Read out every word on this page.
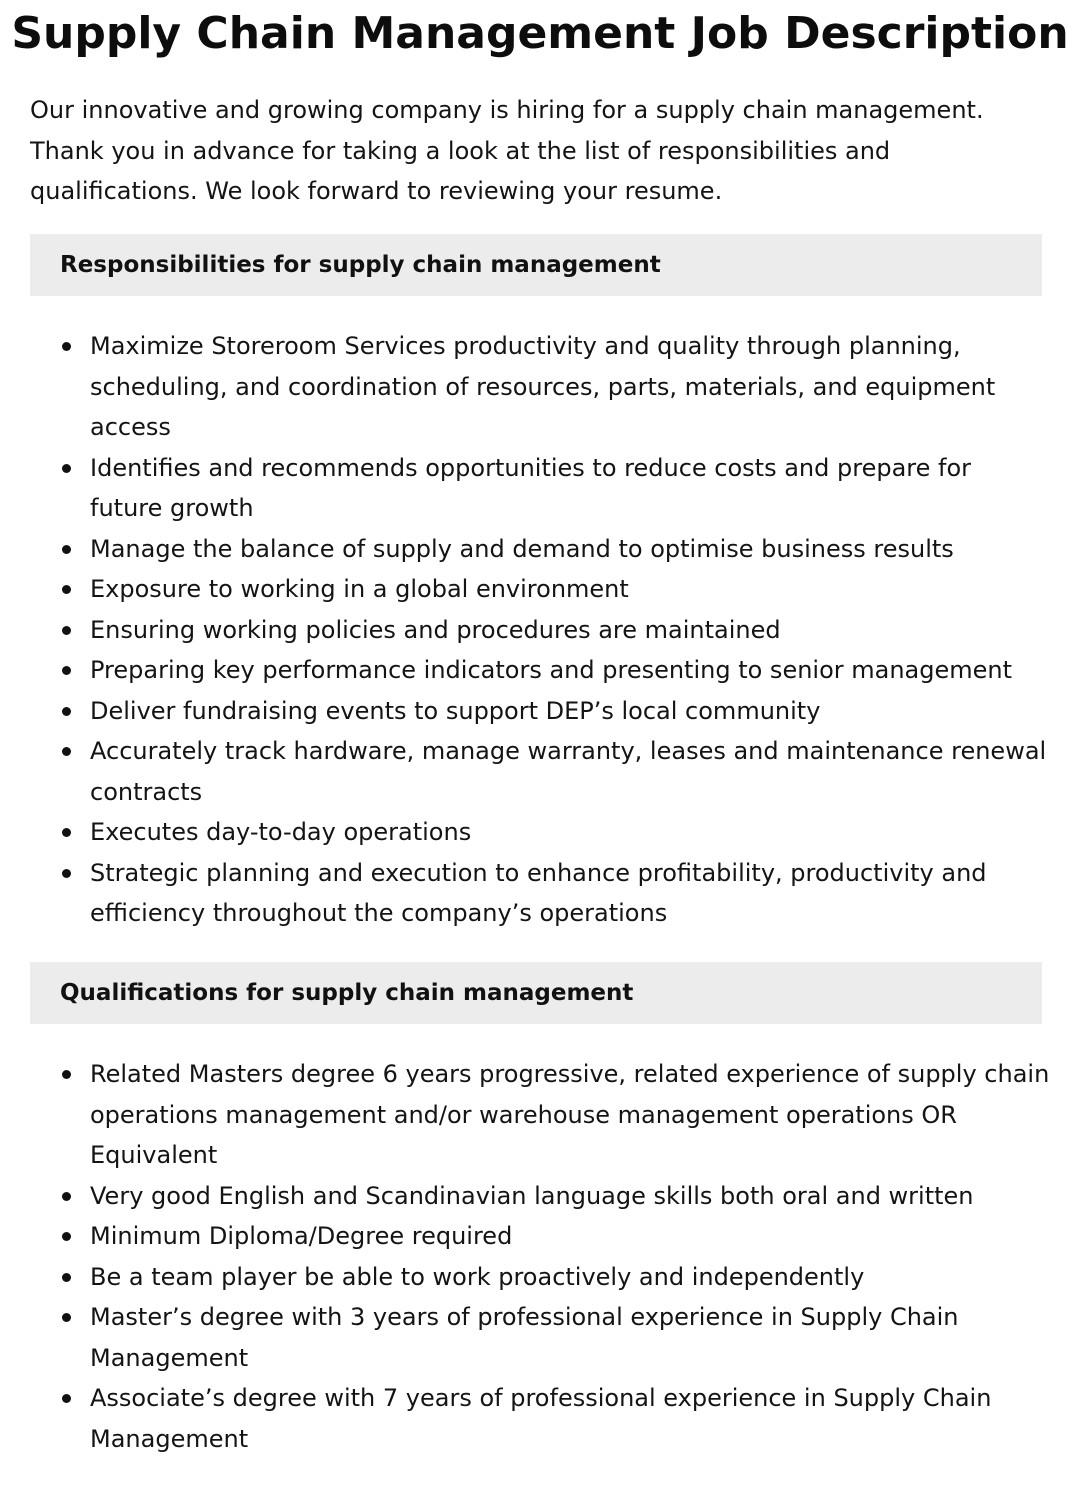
Supply Chain Management Job Description

Our innovative and growing company is hiring for a supply chain management. Thank you in advance for taking a look at the list of responsibilities and qualifications. We look forward to reviewing your resume.

Responsibilities for supply chain management
Maximize Storeroom Services productivity and quality through planning, scheduling, and coordination of resources, parts, materials, and equipment access
Identifies and recommends opportunities to reduce costs and prepare for future growth
Manage the balance of supply and demand to optimise business results
Exposure to working in a global environment
Ensuring working policies and procedures are maintained
Preparing key performance indicators and presenting to senior management
Deliver fundraising events to support DEP’s local community
Accurately track hardware, manage warranty, leases and maintenance renewal contracts
Executes day-to-day operations
Strategic planning and execution to enhance profitability, productivity and efficiency throughout the company’s operations
Qualifications for supply chain management
Related Masters degree 6 years progressive, related experience of supply chain operations management and/or warehouse management operations OR Equivalent
Very good English and Scandinavian language skills both oral and written
Minimum Diploma/Degree required
Be a team player be able to work proactively and independently
Master’s degree with 3 years of professional experience in Supply Chain Management
Associate’s degree with 7 years of professional experience in Supply Chain Management
